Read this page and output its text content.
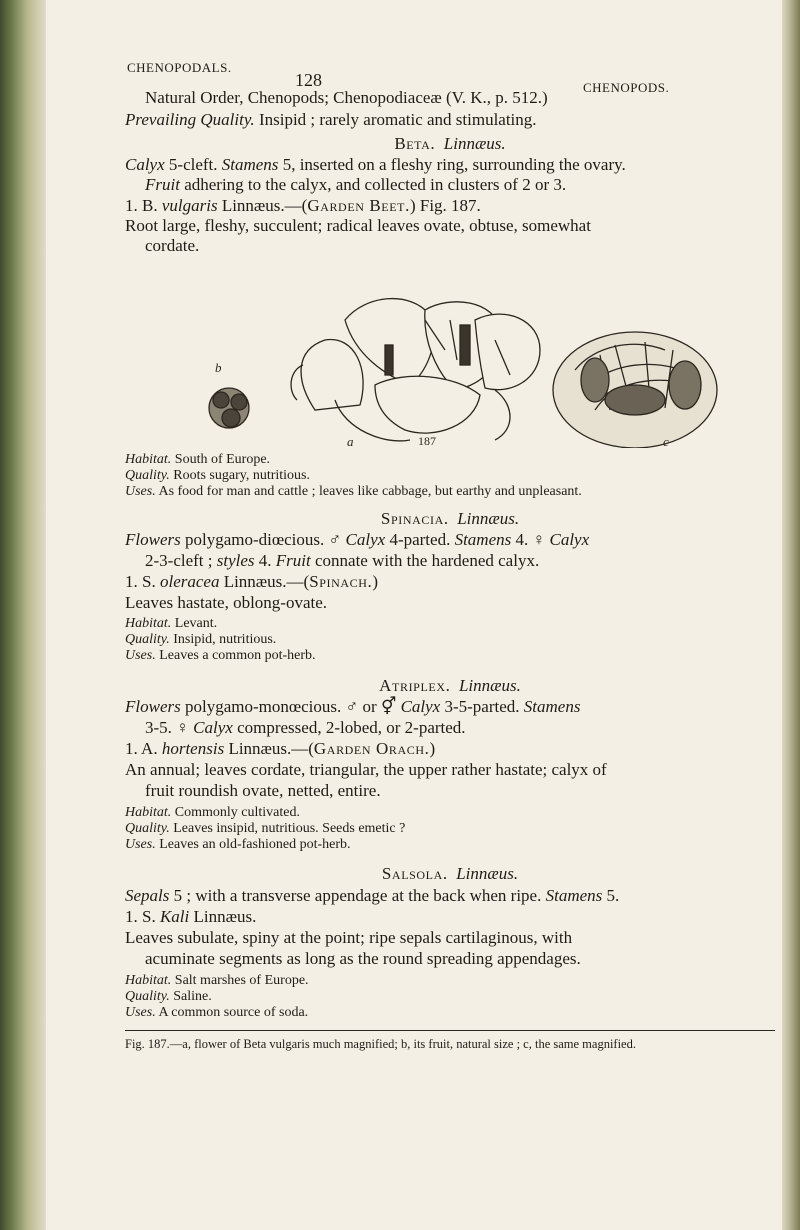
CHENOPODALS.
128	CHENOPODS.
Natural Order, Chenopods; Chenopodiaceæ (V. K., p. 512.)
Prevailing Quality. Insipid ; rarely aromatic and stimulating.
Beta. Linnæus.
Calyx 5-cleft. Stamens 5, inserted on a fleshy ring, surrounding the ovary.
Fruit adhering to the calyx, and collected in clusters of 2 or 3.
1. B. vulgaris Linnæus.—(Garden Beet.) Fig. 187.
Root large, fleshy, succulent; radical leaves ovate, obtuse, somewhat
cordate.
b
a	187	c
Habitat. South of Europe.
Quality. Roots sugary, nutritious.
Uses. As food for man and cattle ; leaves like cabbage, but earthy and unpleasant.
Spinacia. Linnæus.
Flowers polygamo-diœcious. ♂ Calyx 4-parted. Stamens 4. ♀ Calyx
2-3-cleft ; styles 4. Fruit connate with the hardened calyx.
1. S. oleracea Linnæus.—(Spinach.)
Leaves hastate, oblong-ovate.
Habitat. Levant.
Quality. Insipid, nutritious.
Uses. Leaves a common pot-herb.
Atriplex. Linnæus.
Flowers polygamo-monœcious. ♂ or ⚥ Calyx 3-5-parted. Stamens
3-5. ♀ Calyx compressed, 2-lobed, or 2-parted.
1. A. hortensis Linnæus.—(Garden Orach.)
An annual; leaves cordate, triangular, the upper rather hastate; calyx of
fruit roundish ovate, netted, entire.
Habitat. Commonly cultivated.
Quality. Leaves insipid, nutritious. Seeds emetic ?
Uses. Leaves an old-fashioned pot-herb.
Salsola. Linnæus.
Sepals 5 ; with a transverse appendage at the back when ripe. Stamens 5.
1. S. Kali Linnæus.
Leaves subulate, spiny at the point; ripe sepals cartilaginous, with
acuminate segments as long as the round spreading appendages.
Habitat. Salt marshes of Europe.
Quality. Saline.
Uses. A common source of soda.
Fig. 187.—a, flower of Beta vulgaris much magnified; b, its fruit, natural size ; c, the same magnified.
